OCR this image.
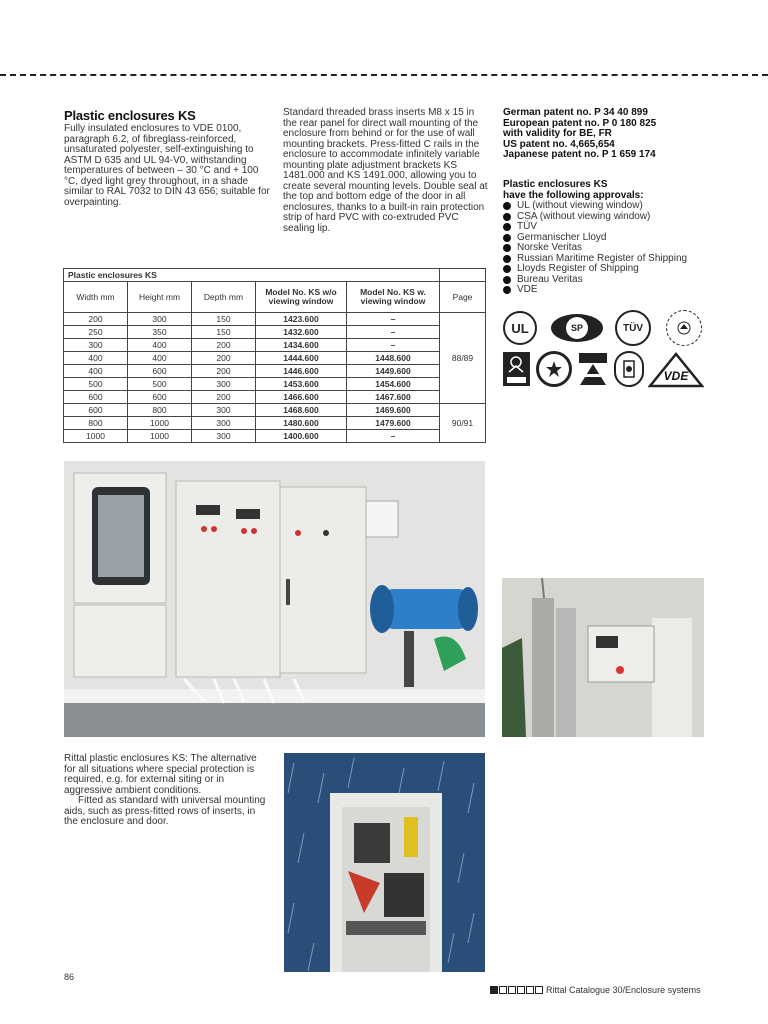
Plastic enclosures KS

Fully insulated enclosures to VDE 0100, paragraph 6.2, of fibreglass-reinforced, unsaturated polyester, self-extinguishing to ASTM D 635 and UL 94-V0, withstanding temperatures of between – 30 °C and + 100 °C, dyed light grey throughout, in a shade similar to RAL 7032 to DIN 43 656; suitable for overpainting.

Standard threaded brass inserts M8 x 15 in the rear panel for direct wall mounting of the enclosure from behind or for the use of wall mounting brackets. Press-fitted C rails in the enclosure to accommodate infinitely variable mounting plate adjustment brackets KS 1481.000 and KS 1491.000, allowing you to create several mounting levels. Double seal at the top and bottom edge of the door in all enclosures, thanks to a built-in rain protection strip of hard PVC with co-extruded PVC sealing lip.

German patent no. P 34 40 899
European patent no. P 0 180 825
with validity for BE, FR
US patent no. 4,665,654
Japanese patent no. P 1 659 174
Plastic enclosures KS
have the following approvals:
UL (without viewing window)
CSA (without viewing window)
TÜV
Germanischer Lloyd
Norske Veritas
Russian Maritime Register of Shipping
Lloyds Register of Shipping
Bureau Veritas
VDE
Plastic enclosures KS					
Width mm	Height mm	Depth mm	Model No. KS w/o viewing window	Model No. KS w. viewing window	Page
200	300	150	1423.600	–	88/89
250	350	150	1432.600	–	
300	400	200	1434.600	–	
400	400	200	1444.600	1448.600	
400	600	200	1446.600	1449.600	
500	500	300	1453.600	1454.600	
600	600	200	1466.600	1467.600	
600	800	300	1468.600	1469.600	90/91
800	1000	300	1480.600	1479.600	
1000	1000	300	1400.600	–	
UL	SP	TÜV
VDE
Rittal plastic enclosures KS: The alternative for all situations where special protection is required, e.g. for external siting or in aggressive ambient conditions.
Fitted as standard with universal mounting aids, such as press-fitted rows of inserts, in the enclosure and door.
86
Rittal Catalogue 30/Enclosure systems
